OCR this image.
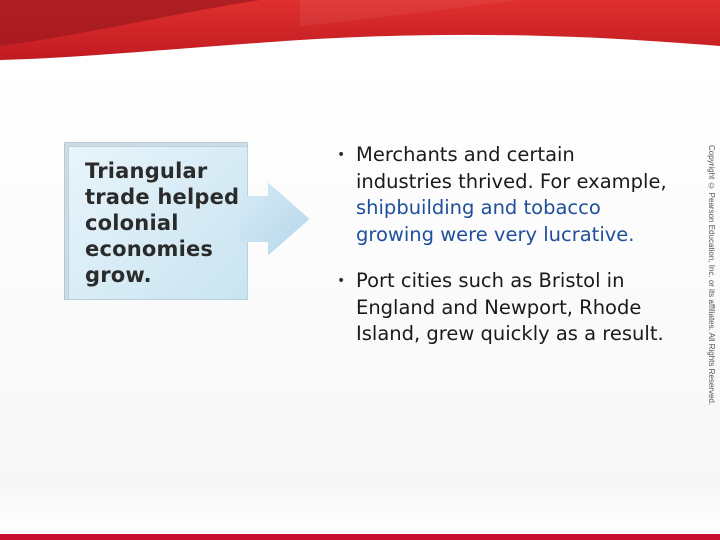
Triangular trade helped colonial economies grow.

• Merchants and certain industries thrived. For example, shipbuilding and tobacco growing were very lucrative.
• Port cities such as Bristol in England and Newport, Rhode Island, grew quickly as a result.	Copyright © Pearson Education, Inc. or its affiliates. All Rights Reserved.
